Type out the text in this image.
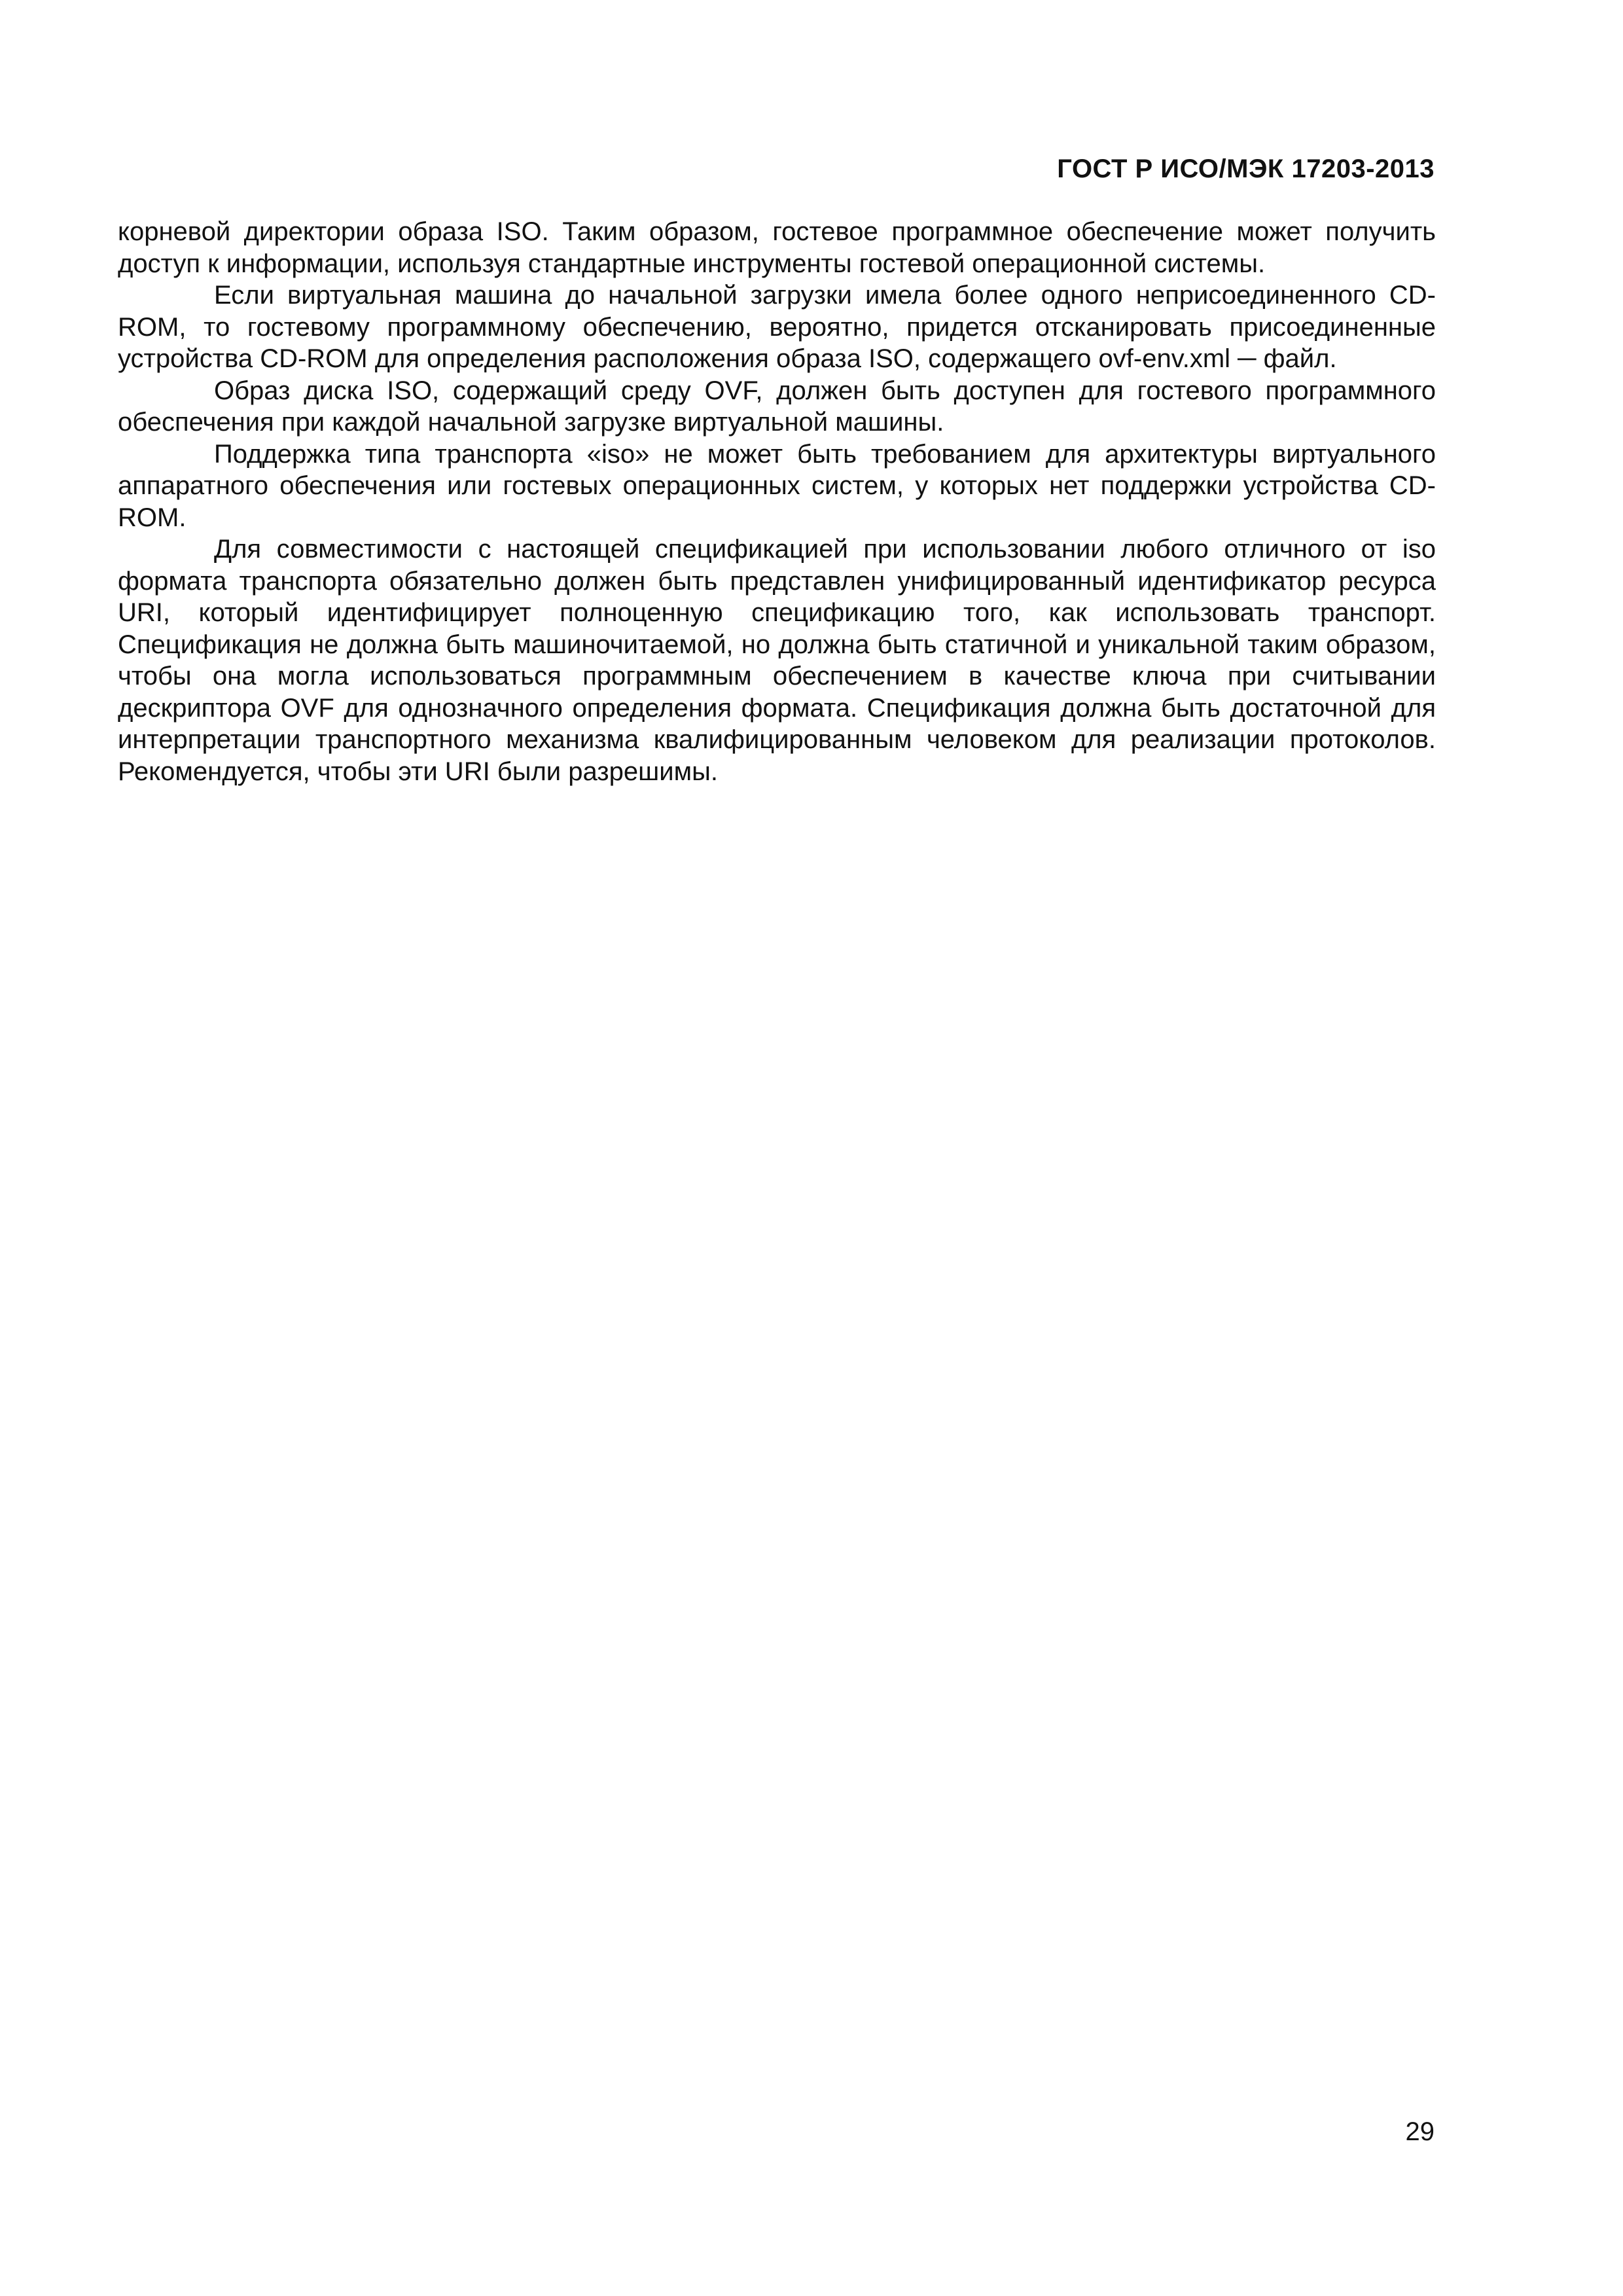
ГОСТ Р ИСО/МЭК 17203-2013

корневой директории образа ISO. Таким образом, гостевое программное обеспечение может получить доступ к информации, используя стандартные инструменты гостевой операционной системы.

Если виртуальная машина до начальной загрузки имела более одного неприсоединенного CD-ROM, то гостевому программному обеспечению, вероятно, придется отсканировать присоединенные устройства CD-ROM для определения расположения образа ISO, содержащего ovf-env.xml ─ файл.

Образ диска ISO, содержащий среду OVF, должен быть доступен для гостевого программного обеспечения при каждой начальной загрузке виртуальной машины.

Поддержка типа транспорта «iso» не может быть требованием для архитектуры виртуального аппаратного обеспечения или гостевых операционных систем, у которых нет поддержки устройства CD-ROM.

Для совместимости с настоящей спецификацией при использовании любого отличного от iso формата транспорта обязательно должен быть представлен унифицированный идентификатор ресурса URI, который идентифицирует полноценную спецификацию того, как использовать транспорт. Спецификация не должна быть машиночитаемой, но должна быть статичной и уникальной таким образом, чтобы она могла использоваться программным обеспечением в качестве ключа при считывании дескриптора OVF для однозначного определения формата. Спецификация должна быть достаточной для интерпретации транспортного механизма квалифицированным человеком для реализации протоколов. Рекомендуется, чтобы эти URI были разрешимы.

29
